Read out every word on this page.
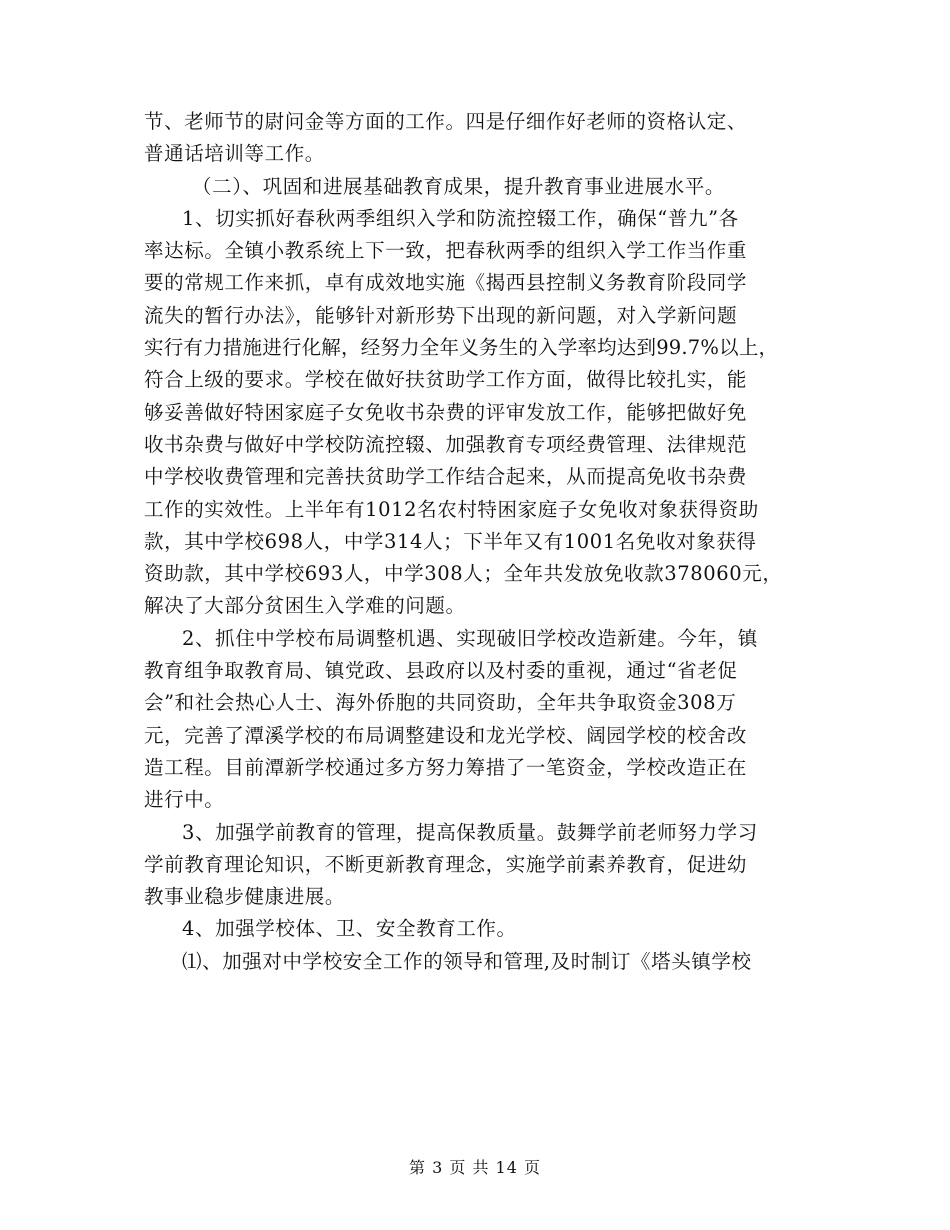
节、老师节的尉问金等方面的工作。四是仔细作好老师的资格认定、
普通话培训等工作。
（二）、巩固和进展基础教育成果，提升教育事业进展水平。
1、切实抓好春秋两季组织入学和防流控辍工作，确保“普九”各
率达标。全镇小教系统上下一致，把春秋两季的组织入学工作当作重
要的常规工作来抓，卓有成效地实施《揭西县控制义务教育阶段同学
流失的暂行办法》，能够针对新形势下出现的新问题，对入学新问题
实行有力措施进行化解，经努力全年义务生的入学率均达到99.7%以上，
符合上级的要求。学校在做好扶贫助学工作方面，做得比较扎实，能
够妥善做好特困家庭子女免收书杂费的评审发放工作，能够把做好免
收书杂费与做好中学校防流控辍、加强教育专项经费管理、法律规范
中学校收费管理和完善扶贫助学工作结合起来，从而提高免收书杂费
工作的实效性。上半年有1012名农村特困家庭子女免收对象获得资助
款，其中学校698人，中学314人；下半年又有1001名免收对象获得
资助款，其中学校693人，中学308人；全年共发放免收款378060元，
解决了大部分贫困生入学难的问题。
2、抓住中学校布局调整机遇、实现破旧学校改造新建。今年，镇
教育组争取教育局、镇党政、县政府以及村委的重视，通过“省老促
会”和社会热心人士、海外侨胞的共同资助，全年共争取资金308万
元，完善了潭溪学校的布局调整建设和龙光学校、阔园学校的校舍改
造工程。目前潭新学校通过多方努力筹措了一笔资金，学校改造正在
进行中。
3、加强学前教育的管理，提高保教质量。鼓舞学前老师努力学习
学前教育理论知识，不断更新教育理念，实施学前素养教育，促进幼
教事业稳步健康进展。
4、加强学校体、卫、安全教育工作。
⑴、加强对中学校安全工作的领导和管理,及时制订《塔头镇学校
第 3 页 共 14 页
